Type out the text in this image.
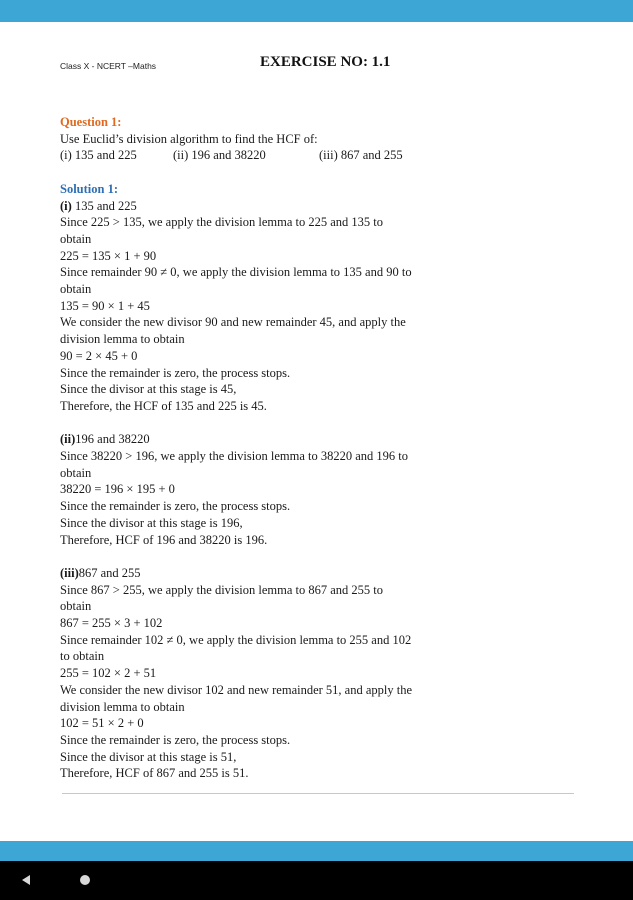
Class X - NCERT –Maths	EXERCISE NO: 1.1
Question 1:
Use Euclid’s division algorithm to find the HCF of:
(i) 135 and 225	(ii) 196 and 38220	(iii) 867 and 255
Solution 1:
(i) 135 and 225
Since 225 > 135, we apply the division lemma to 225 and 135 to
obtain
225 = 135 × 1 + 90
Since remainder 90 ≠ 0, we apply the division lemma to 135 and 90 to
obtain
135 = 90 × 1 + 45
We consider the new divisor 90 and new remainder 45, and apply the
division lemma to obtain
90 = 2 × 45 + 0
Since the remainder is zero, the process stops.
Since the divisor at this stage is 45,
Therefore, the HCF of 135 and 225 is 45.
(ii)196 and 38220
Since 38220 > 196, we apply the division lemma to 38220 and 196 to
obtain
38220 = 196 × 195 + 0
Since the remainder is zero, the process stops.
Since the divisor at this stage is 196,
Therefore, HCF of 196 and 38220 is 196.
(iii)867 and 255
Since 867 > 255, we apply the division lemma to 867 and 255 to
obtain
867 = 255 × 3 + 102
Since remainder 102 ≠ 0, we apply the division lemma to 255 and 102
to obtain
255 = 102 × 2 + 51
We consider the new divisor 102 and new remainder 51, and apply the
division lemma to obtain
102 = 51 × 2 + 0
Since the remainder is zero, the process stops.
Since the divisor at this stage is 51,
Therefore, HCF of 867 and 255 is 51.
